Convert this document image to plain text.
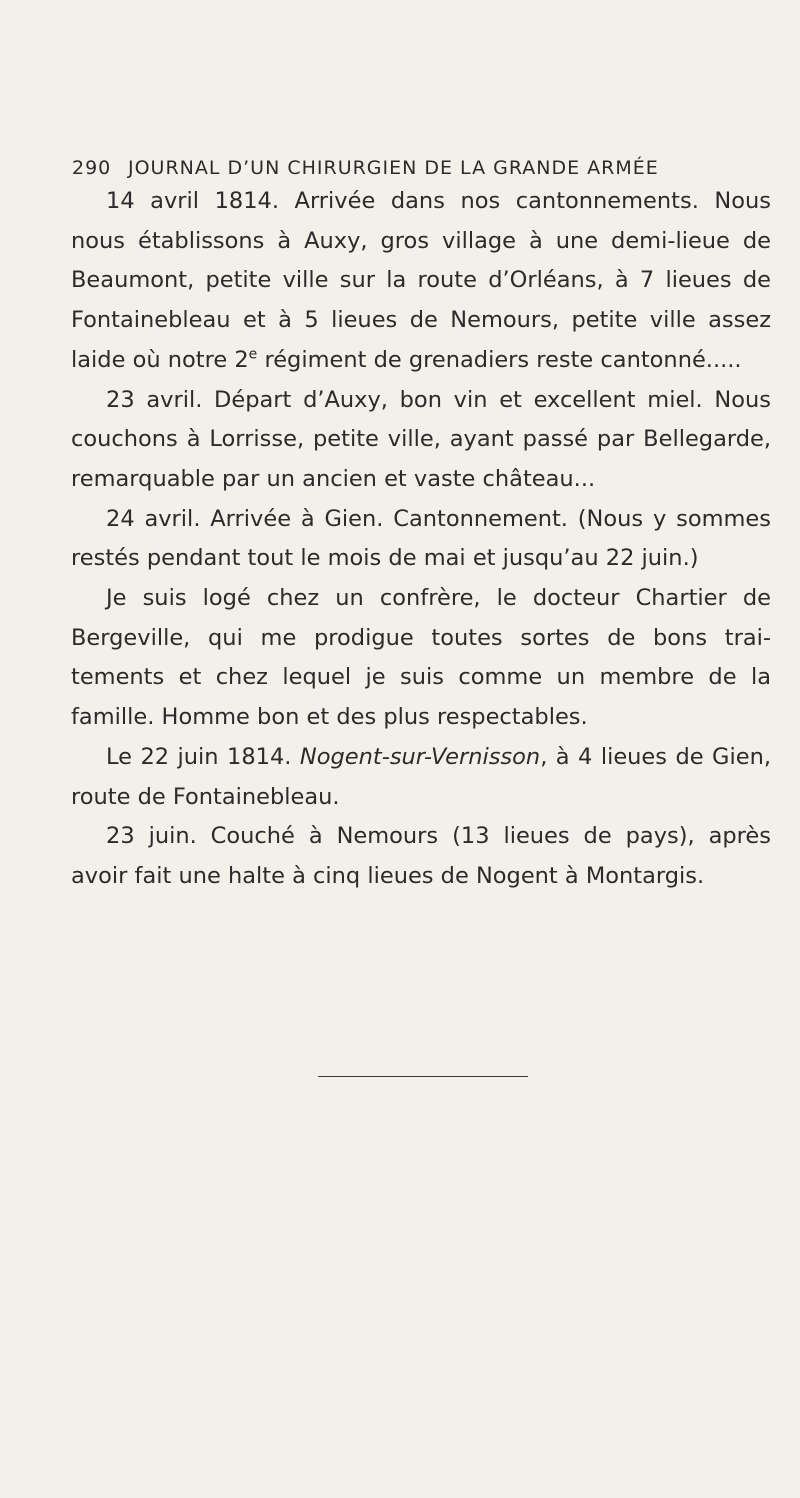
290 JOURNAL D’UN CHIRURGIEN DE LA GRANDE ARMÉE

14 avril 1814. Arrivée dans nos cantonnements. Nous nous établissons à Auxy, gros village à une demi-lieue de Beaumont, petite ville sur la route d’Orléans, à 7 lieues de Fontainebleau et à 5 lieues de Nemours, petite ville assez laide où notre 2e régiment de grenadiers reste cantonné.....

23 avril. Départ d’Auxy, bon vin et excellent miel. Nous couchons à Lorrisse, petite ville, ayant passé par Bellegarde, remarquable par un ancien et vaste château...

24 avril. Arrivée à Gien. Cantonnement. (Nous y sommes restés pendant tout le mois de mai et jusqu’au 22 juin.)

Je suis logé chez un confrère, le docteur Chartier de Bergeville, qui me prodigue toutes sortes de bons traitements et chez lequel je suis comme un membre de la famille. Homme bon et des plus respectables.

Le 22 juin 1814. Nogent-sur-Vernisson, à 4 lieues de Gien, route de Fontainebleau.

23 juin. Couché à Nemours (13 lieues de pays), après avoir fait une halte à cinq lieues de Nogent à Montargis.
